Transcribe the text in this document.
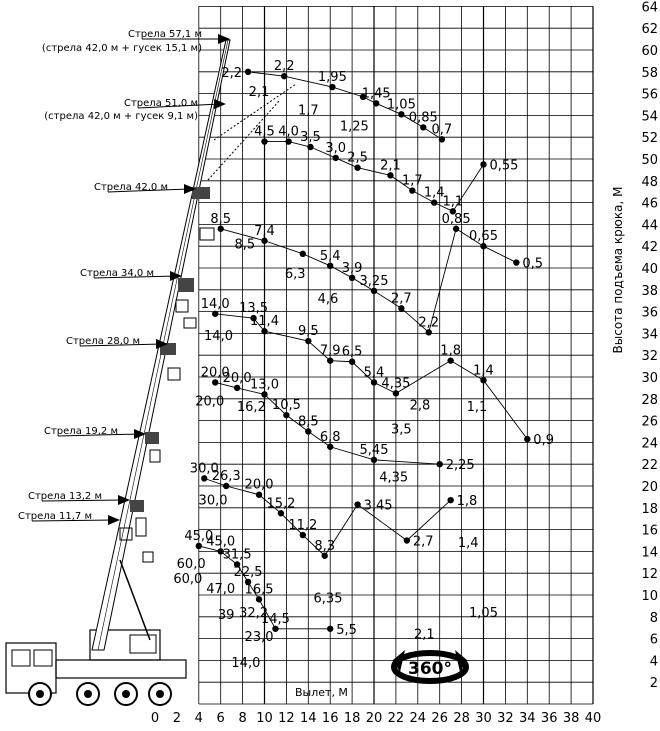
Стрела 57,1 м
(стрела 42,0 м + гусек 15,1 м)
Стрела 51,0 м
(стрела 42,0 м + гусек 9,1 м)
Стрела 42,0 м
Стрела 34,0 м
Стрела 28,0 м
Стрела 19,2 м
Стрела 13,2 м
Стрела 11,7 м
2,2 2,2
1,95
1,45
1,05
0,85
0,7
4,5 4,0 3,5
3,0
2,5
2,1
1,7
1,4
1,1
0,55
8,5
7,4
5,4
3,9
3,25
2,7
2,2
0,85
0,65
0,5
14,0 13,5
11,4
9,5
7,9 6,5
5,4
4,35
1,8
1,4
0,9
20,0
20,0
13,0
10,5
8,5
6,8
5,45
2,25
30,0
26,3
20,0
15,2
11,2
8,3
3,45
2,7
1,8
45,0
45,0
31,5
22,5
16,5
14,5
5,5
2,1
1,7
1,25
8,5
6,3
4,6
14,0
20,0 16,2
3,5
2,8	1,1
30,0
4,35
1,4
60,0
60,0
47,0
39 32,2
23,0
6,35
14,0
2,1
1,05
0 2 4 6 8 10 12 14 16 18 20 22 24 26 28 30 32 34 36 38 40
2
4
6
8
10
12
14
16
18
20
22
24
26
28
30
32
34
36
38
40
42
44
46
48
50
52
54
56
58
60
62
64
360°
Вылет, М
Высота подъема крюка, М
